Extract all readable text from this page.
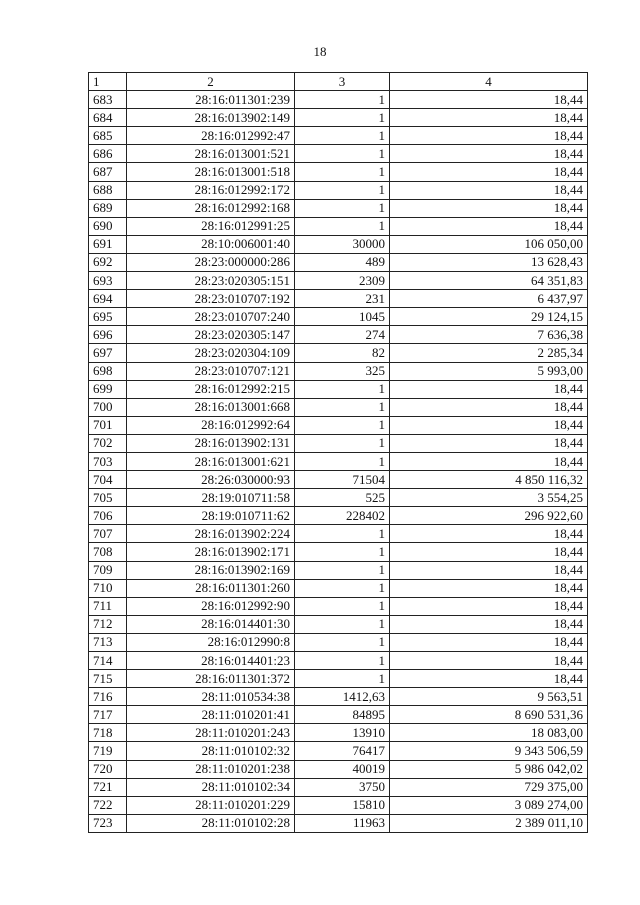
18
1	2	3	4
683	28:16:011301:239	1	18,44
684	28:16:013902:149	1	18,44
685	28:16:012992:47	1	18,44
686	28:16:013001:521	1	18,44
687	28:16:013001:518	1	18,44
688	28:16:012992:172	1	18,44
689	28:16:012992:168	1	18,44
690	28:16:012991:25	1	18,44
691	28:10:006001:40	30000	106 050,00
692	28:23:000000:286	489	13 628,43
693	28:23:020305:151	2309	64 351,83
694	28:23:010707:192	231	6 437,97
695	28:23:010707:240	1045	29 124,15
696	28:23:020305:147	274	7 636,38
697	28:23:020304:109	82	2 285,34
698	28:23:010707:121	325	5 993,00
699	28:16:012992:215	1	18,44
700	28:16:013001:668	1	18,44
701	28:16:012992:64	1	18,44
702	28:16:013902:131	1	18,44
703	28:16:013001:621	1	18,44
704	28:26:030000:93	71504	4 850 116,32
705	28:19:010711:58	525	3 554,25
706	28:19:010711:62	228402	296 922,60
707	28:16:013902:224	1	18,44
708	28:16:013902:171	1	18,44
709	28:16:013902:169	1	18,44
710	28:16:011301:260	1	18,44
711	28:16:012992:90	1	18,44
712	28:16:014401:30	1	18,44
713	28:16:012990:8	1	18,44
714	28:16:014401:23	1	18,44
715	28:16:011301:372	1	18,44
716	28:11:010534:38	1412,63	9 563,51
717	28:11:010201:41	84895	8 690 531,36
718	28:11:010201:243	13910	18 083,00
719	28:11:010102:32	76417	9 343 506,59
720	28:11:010201:238	40019	5 986 042,02
721	28:11:010102:34	3750	729 375,00
722	28:11:010201:229	15810	3 089 274,00
723	28:11:010102:28	11963	2 389 011,10
